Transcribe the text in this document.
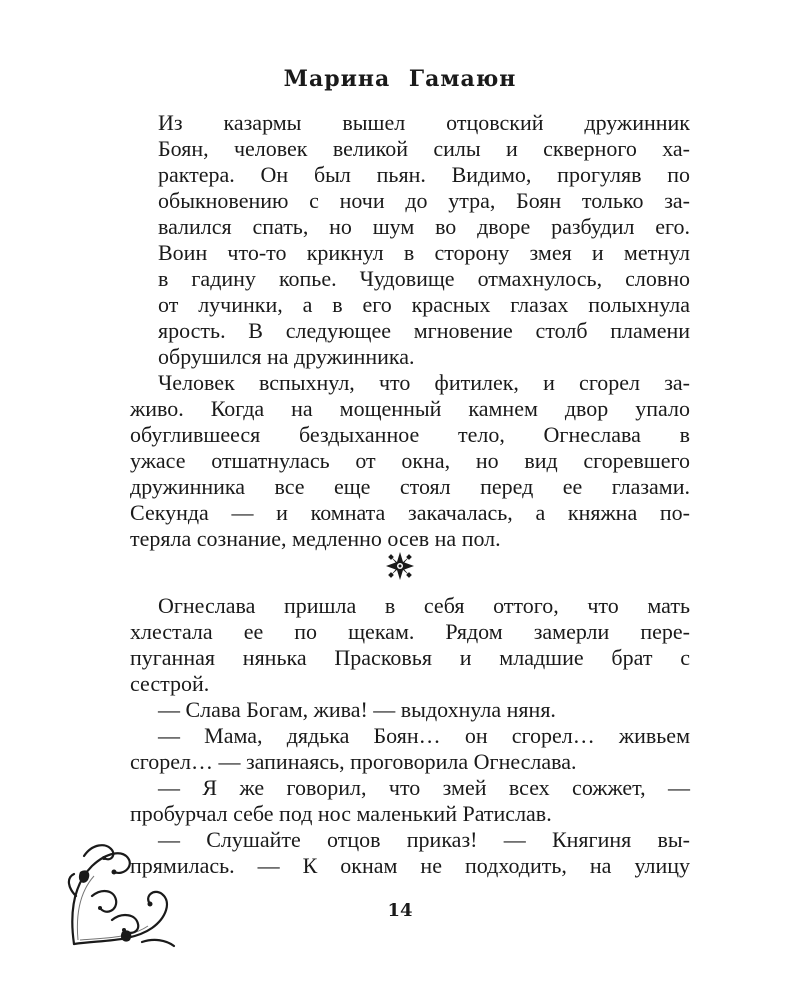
Марина Гамаюн
Из казармы вышел отцовский дружинник
Боян, человек великой силы и скверного ха-
рактера. Он был пьян. Видимо, прогуляв по
обыкновению с ночи до утра, Боян только за-
валился спать, но шум во дворе разбудил его.
Воин что-то крикнул в сторону змея и метнул
в гадину копье. Чудовище отмахнулось, словно
от лучинки, а в его красных глазах полыхнула
ярость. В следующее мгновение столб пламени
обрушился на дружинника.
Человек вспыхнул, что фитилек, и сгорел за-
живо. Когда на мощенный камнем двор упало
обуглившееся бездыханное тело, Огнеслава в
ужасе отшатнулась от окна, но вид сгоревшего
дружинника все еще стоял перед ее глазами.
Секунда — и комната закачалась, а княжна по-
теряла сознание, медленно осев на пол.
Огнеслава пришла в себя оттого, что мать
хлестала ее по щекам. Рядом замерли пере-
пуганная нянька Прасковья и младшие брат с
сестрой.
— Слава Богам, жива! — выдохнула няня.
— Мама, дядька Боян… он сгорел… живьем
сгорел… — запинаясь, проговорила Огнеслава.
— Я же говорил, что змей всех сожжет, —
пробурчал себе под нос маленький Ратислав.
— Слушайте отцов приказ! — Княгиня вы-
прямилась. — К окнам не подходить, на улицу
14
